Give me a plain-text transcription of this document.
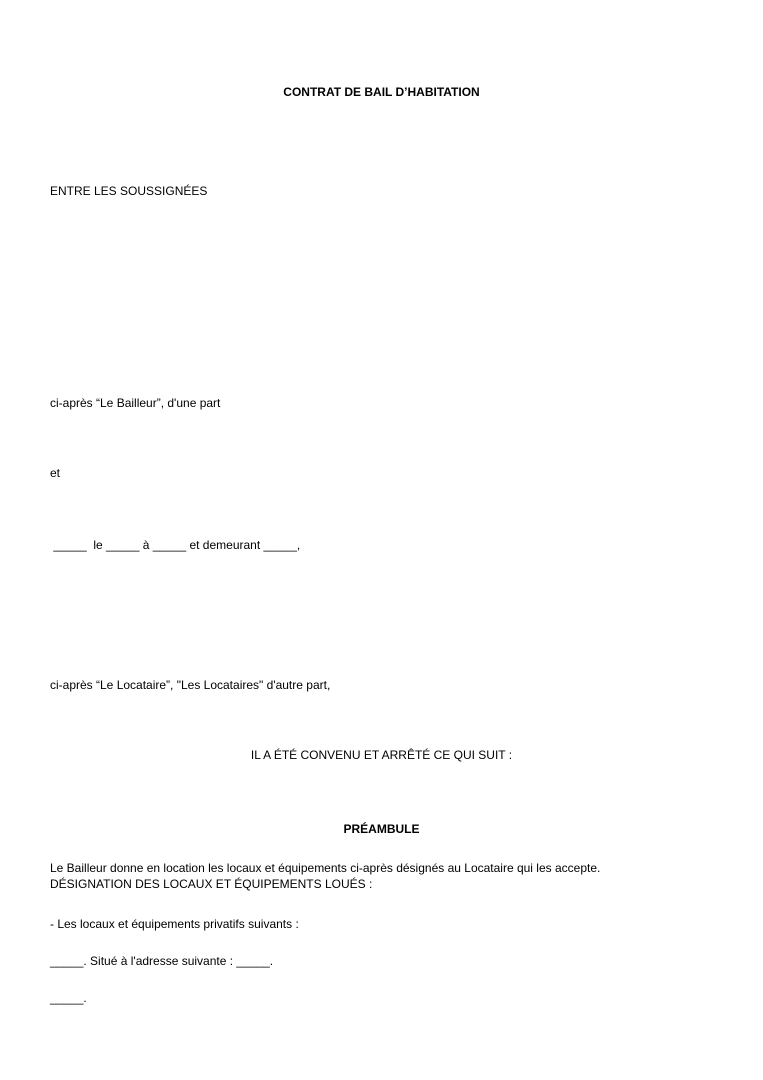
CONTRAT DE BAIL D’HABITATION
ENTRE LES SOUSSIGNÉES
ci-après “Le Bailleur”, d'une part
et
_____  le _____ à _____ et demeurant _____,
ci-après “Le Locataire”, "Les Locataires" d'autre part,
IL A ÉTÉ CONVENU ET ARRÊTÉ CE QUI SUIT :
PRÉAMBULE
Le Bailleur donne en location les locaux et équipements ci-après désignés au Locataire qui les accepte.
DÉSIGNATION DES LOCAUX ET ÉQUIPEMENTS LOUÉS :
- Les locaux et équipements privatifs suivants :
_____. Situé à l'adresse suivante : _____.
_____.
